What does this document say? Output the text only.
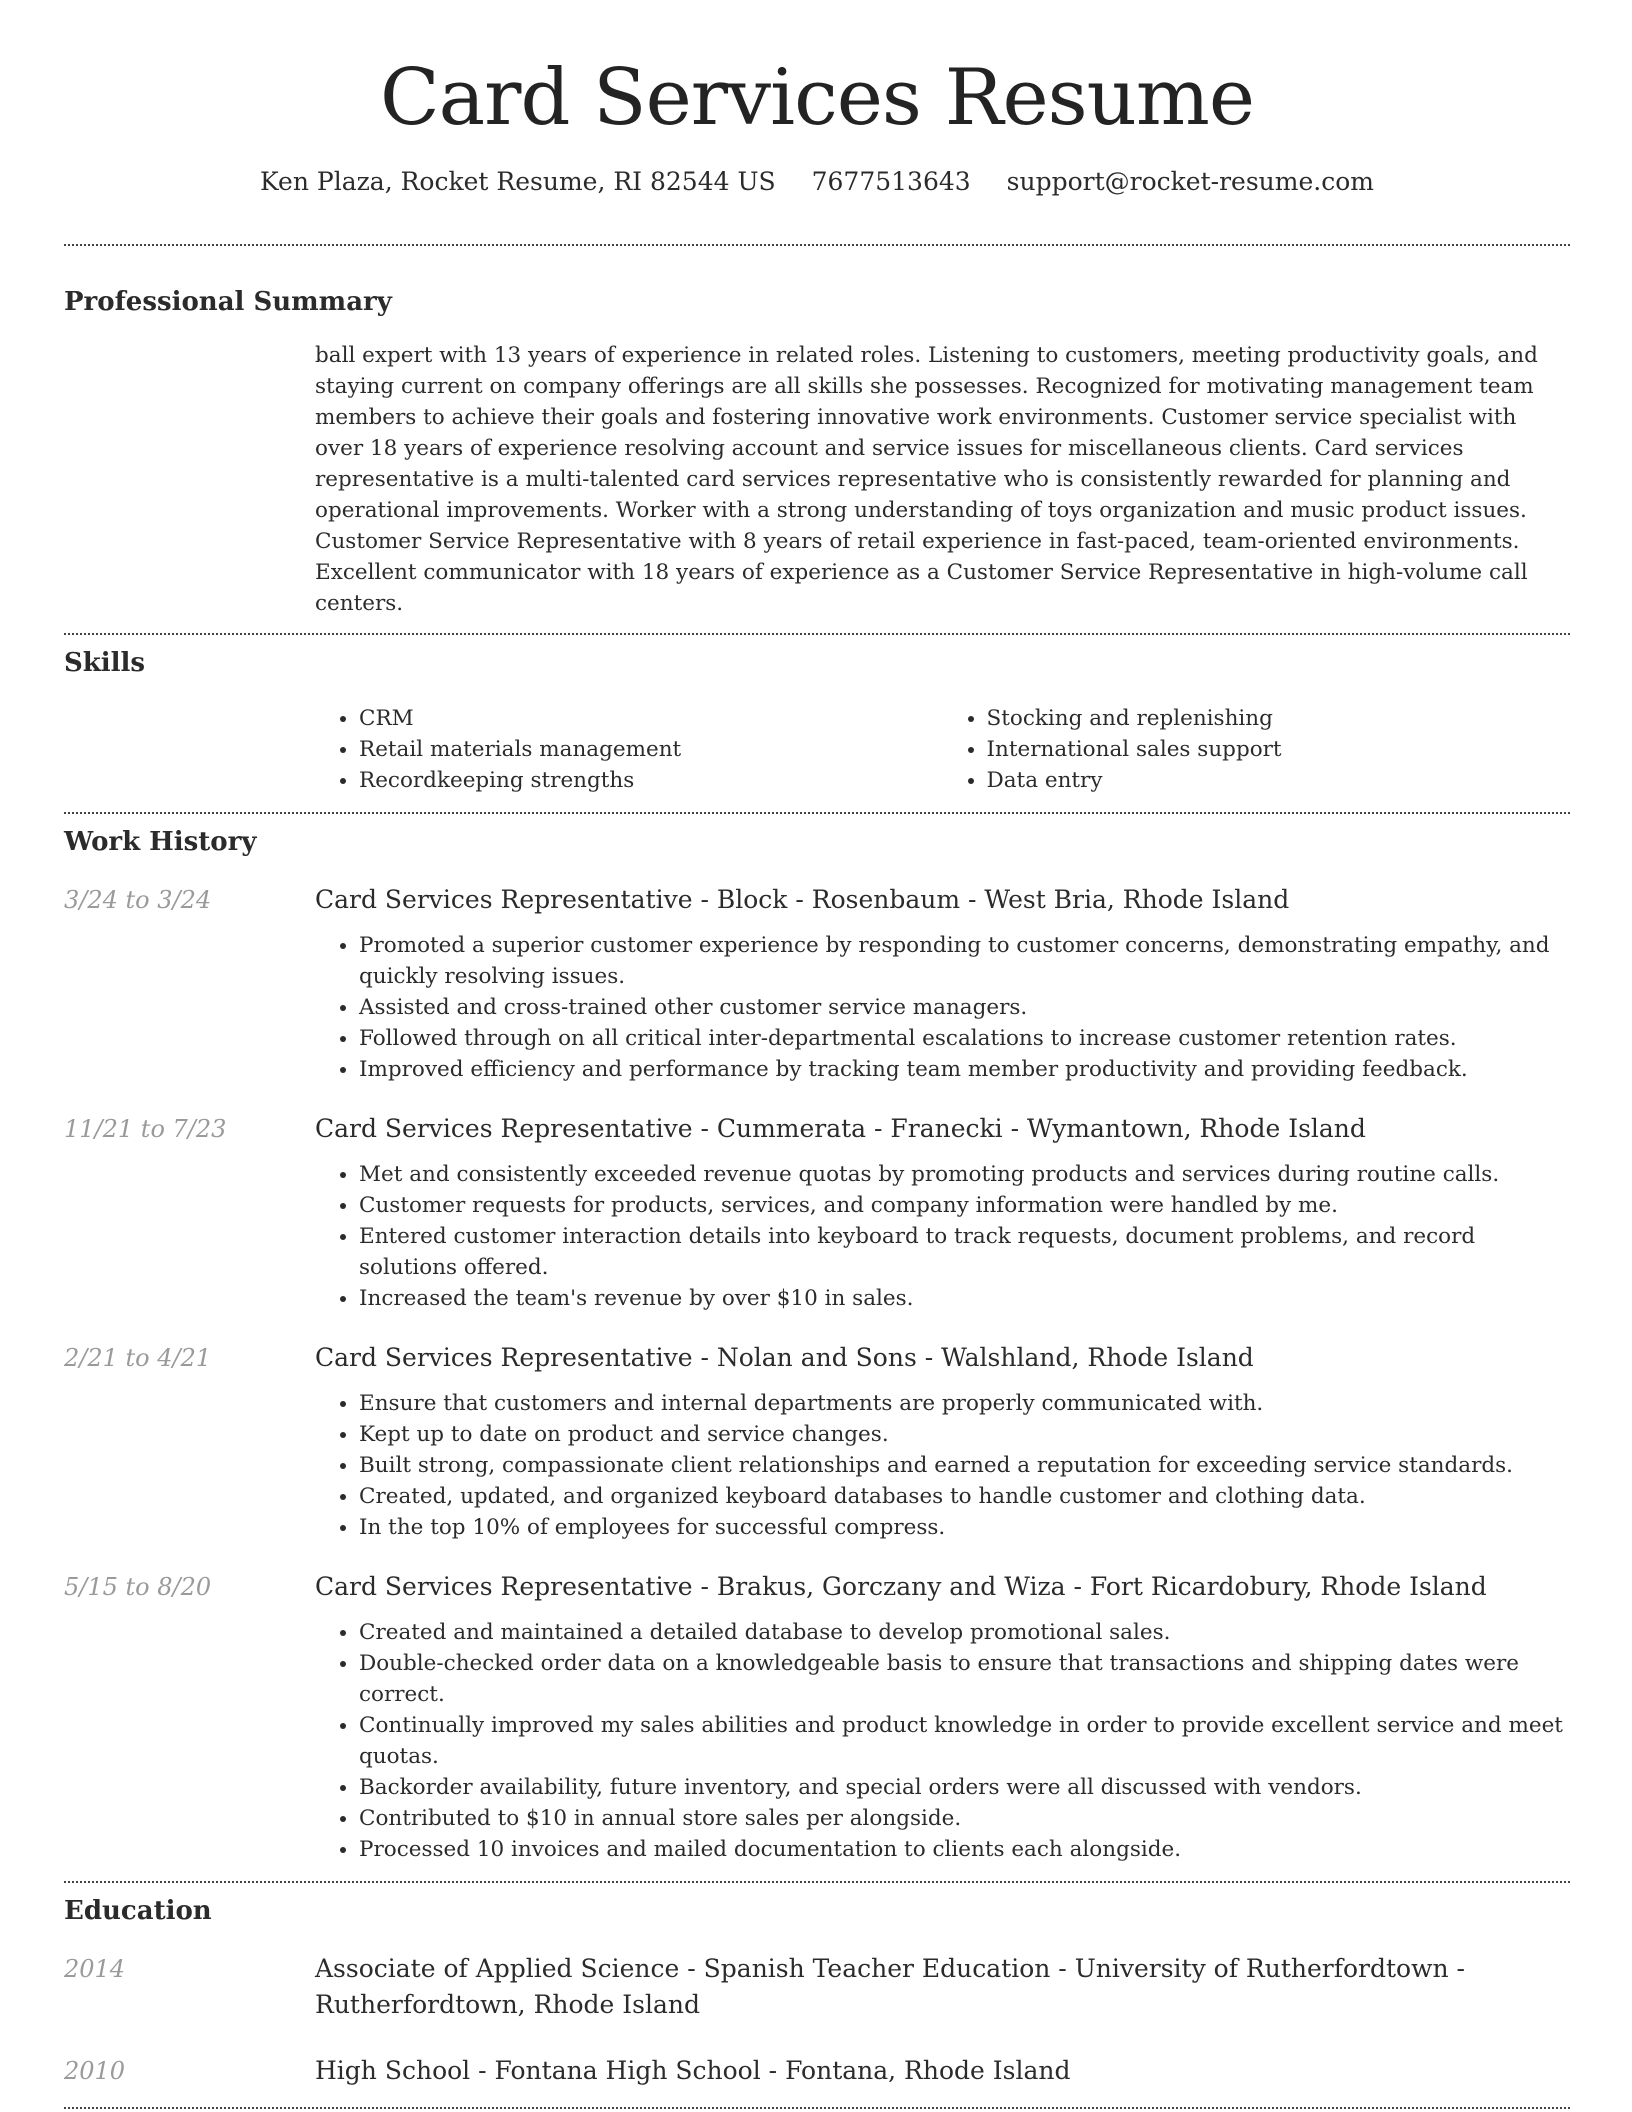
Card Services Resume
Ken Plaza, Rocket Resume, RI 82544 US 7677513643 support@rocket-resume.com
Professional Summary
ball expert with 13 years of experience in related roles. Listening to customers, meeting productivity goals, and staying current on company offerings are all skills she possesses. Recognized for motivating management team members to achieve their goals and fostering innovative work environments. Customer service specialist with over 18 years of experience resolving account and service issues for miscellaneous clients. Card services representative is a multi-talented card services representative who is consistently rewarded for planning and operational improvements. Worker with a strong understanding of toys organization and music product issues. Customer Service Representative with 8 years of retail experience in fast-paced, team-oriented environments. Excellent communicator with 18 years of experience as a Customer Service Representative in high-volume call centers.
Skills
• CRM
• Retail materials management
• Recordkeeping strengths
• Stocking and replenishing
• International sales support
• Data entry
Work History
3/24 to 3/24	Card Services Representative - Block - Rosenbaum - West Bria, Rhode Island
• Promoted a superior customer experience by responding to customer concerns, demonstrating empathy, and quickly resolving issues.
• Assisted and cross-trained other customer service managers.
• Followed through on all critical inter-departmental escalations to increase customer retention rates.
• Improved efficiency and performance by tracking team member productivity and providing feedback.
11/21 to 7/23	Card Services Representative - Cummerata - Franecki - Wymantown, Rhode Island
• Met and consistently exceeded revenue quotas by promoting products and services during routine calls.
• Customer requests for products, services, and company information were handled by me.
• Entered customer interaction details into keyboard to track requests, document problems, and record solutions offered.
• Increased the team's revenue by over $10 in sales.
2/21 to 4/21	Card Services Representative - Nolan and Sons - Walshland, Rhode Island
• Ensure that customers and internal departments are properly communicated with.
• Kept up to date on product and service changes.
• Built strong, compassionate client relationships and earned a reputation for exceeding service standards.
• Created, updated, and organized keyboard databases to handle customer and clothing data.
• In the top 10% of employees for successful compress.
5/15 to 8/20	Card Services Representative - Brakus, Gorczany and Wiza - Fort Ricardobury, Rhode Island
• Created and maintained a detailed database to develop promotional sales.
• Double-checked order data on a knowledgeable basis to ensure that transactions and shipping dates were correct.
• Continually improved my sales abilities and product knowledge in order to provide excellent service and meet quotas.
• Backorder availability, future inventory, and special orders were all discussed with vendors.
• Contributed to $10 in annual store sales per alongside.
• Processed 10 invoices and mailed documentation to clients each alongside.
Education
2014	Associate of Applied Science - Spanish Teacher Education - University of Rutherfordtown - Rutherfordtown, Rhode Island
2010	High School - Fontana High School - Fontana, Rhode Island
